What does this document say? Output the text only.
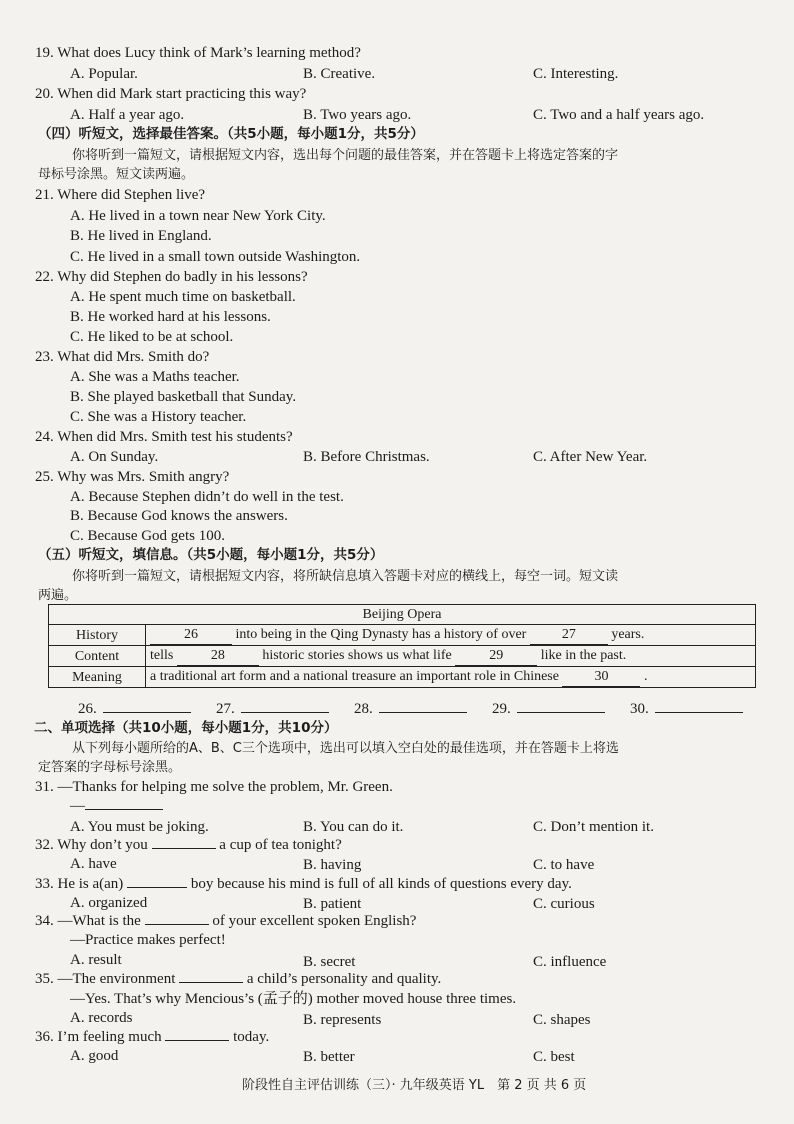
19. What does Lucy think of Mark’s learning method?
A. Popular.	B. Creative.	C. Interesting.
20. When did Mark start practicing this way?
A. Half a year ago.	B. Two years ago.	C. Two and a half years ago.
（四）听短文，选择最佳答案。（共5小题，每小题1分，共5分）
你将听到一篇短文，请根据短文内容，选出每个问题的最佳答案，并在答题卡上将选定答案的字
母标号涂黑。短文读两遍。
21. Where did Stephen live?
A. He lived in a town near New York City.
B. He lived in England.
C. He lived in a small town outside Washington.
22. Why did Stephen do badly in his lessons?
A. He spent much time on basketball.
B. He worked hard at his lessons.
C. He liked to be at school.
23. What did Mrs. Smith do?
A. She was a Maths teacher.
B. She played basketball that Sunday.
C. She was a History teacher.
24. When did Mrs. Smith test his students?
A. On Sunday.	B. Before Christmas.	C. After New Year.
25. Why was Mrs. Smith angry?
A. Because Stephen didn’t do well in the test.
B. Because God knows the answers.
C. Because God gets 100.
（五）听短文，填信息。（共5小题，每小题1分，共5分）
你将听到一篇短文，请根据短文内容，将所缺信息填入答题卡对应的横线上，每空一词。短文读
两遍。
Beijing Opera	
History	26 into being in the Qing Dynasty has a history of over 27 years.
Content	tells 28 historic stories shows us what life 29 like in the past.
Meaning	a traditional art form and a national treasure an important role in Chinese 30 .
26.	27.	28.	29.	30.
二、单项选择（共10小题，每小题1分，共10分）
从下列每小题所给的A、B、C三个选项中，选出可以填入空白处的最佳选项，并在答题卡上将选
定答案的字母标号涂黑。
31. —Thanks for helping me solve the problem, Mr. Green.
—
A. You must be joking.	B. You can do it.	C. Don’t mention it.
32. Why don’t you	a cup of tea tonight?
A. have	B. having	C. to have
33. He is a(an)	boy because his mind is full of all kinds of questions every day.
A. organized	B. patient	C. curious
34. —What is the	of your excellent spoken English?
—Practice makes perfect!
A. result	B. secret	C. influence
35. —The environment	a child’s personality and quality.
—Yes. That’s why Mencious’s (孟子的) mother moved house three times.
A. records	B. represents	C. shapes
36. I’m feeling much	today.
A. good	B. better	C. best
阶段性自主评估训练（三）· 九年级英语 YL　第 2 页 共 6 页
